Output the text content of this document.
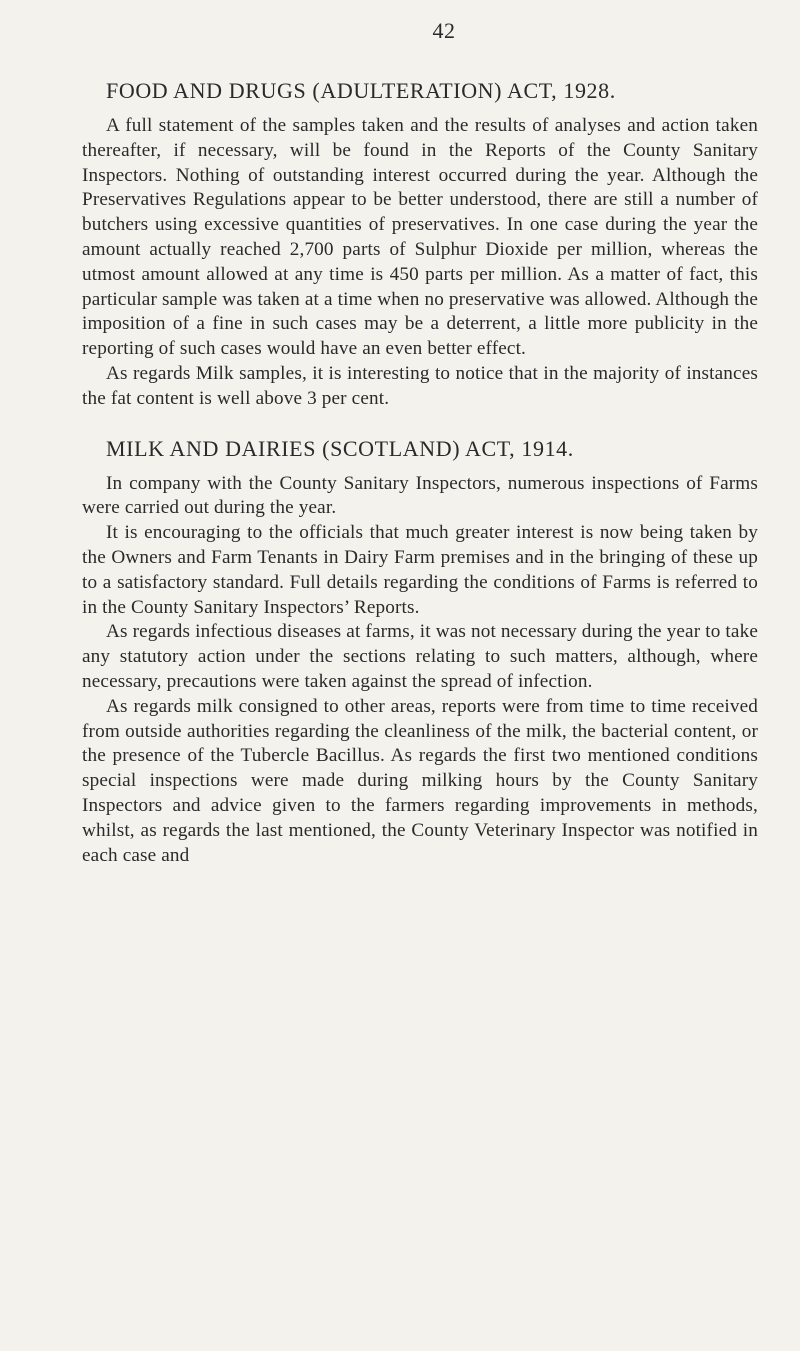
42
FOOD AND DRUGS (ADULTERATION) ACT, 1928.

A full statement of the samples taken and the results of analyses and action taken thereafter, if necessary, will be found in the Reports of the County Sanitary Inspectors. Nothing of outstanding interest occurred during the year. Although the Preservatives Regulations appear to be better understood, there are still a number of butchers using excessive quantities of preservatives. In one case during the year the amount actually reached 2,700 parts of Sulphur Dioxide per million, whereas the utmost amount allowed at any time is 450 parts per million. As a matter of fact, this particular sample was taken at a time when no preservative was allowed. Although the imposition of a fine in such cases may be a deterrent, a little more publicity in the reporting of such cases would have an even better effect.

As regards Milk samples, it is interesting to notice that in the majority of instances the fat content is well above 3 per cent.

MILK AND DAIRIES (SCOTLAND) ACT, 1914.

In company with the County Sanitary Inspectors, numerous inspections of Farms were carried out during the year.

It is encouraging to the officials that much greater interest is now being taken by the Owners and Farm Tenants in Dairy Farm premises and in the bringing of these up to a satisfactory standard. Full details regarding the conditions of Farms is referred to in the County Sanitary Inspectors’ Reports.

As regards infectious diseases at farms, it was not necessary during the year to take any statutory action under the sections relating to such matters, although, where necessary, precautions were taken against the spread of infection.

As regards milk consigned to other areas, reports were from time to time received from outside authorities regarding the cleanliness of the milk, the bacterial content, or the presence of the Tubercle Bacillus. As regards the first two mentioned conditions special inspections were made during milking hours by the County Sanitary Inspectors and advice given to the farmers regarding improvements in methods, whilst, as regards the last mentioned, the County Veterinary Inspector was notified in each case and
